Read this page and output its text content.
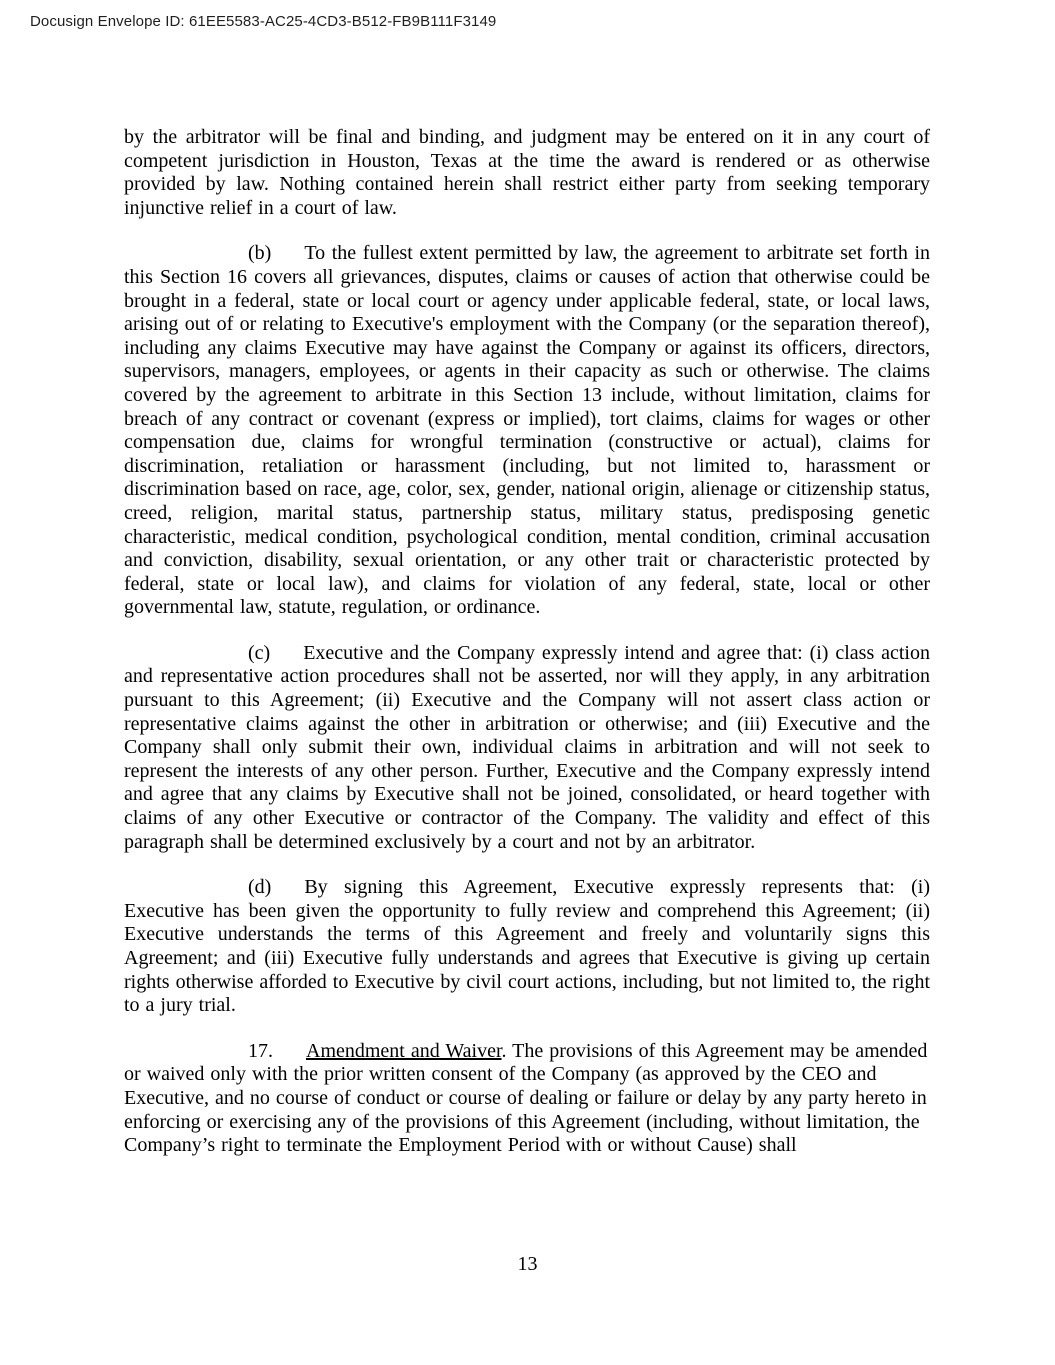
Docusign Envelope ID: 61EE5583-AC25-4CD3-B512-FB9B111F3149

by the arbitrator will be final and binding, and judgment may be entered on it in any court of competent jurisdiction in Houston, Texas at the time the award is rendered or as otherwise provided by law. Nothing contained herein shall restrict either party from seeking temporary injunctive relief in a court of law.

(b) To the fullest extent permitted by law, the agreement to arbitrate set forth in this Section 16 covers all grievances, disputes, claims or causes of action that otherwise could be brought in a federal, state or local court or agency under applicable federal, state, or local laws, arising out of or relating to Executive's employment with the Company (or the separation thereof), including any claims Executive may have against the Company or against its officers, directors, supervisors, managers, employees, or agents in their capacity as such or otherwise. The claims covered by the agreement to arbitrate in this Section 13 include, without limitation, claims for breach of any contract or covenant (express or implied), tort claims, claims for wages or other compensation due, claims for wrongful termination (constructive or actual), claims for discrimination, retaliation or harassment (including, but not limited to, harassment or discrimination based on race, age, color, sex, gender, national origin, alienage or citizenship status, creed, religion, marital status, partnership status, military status, predisposing genetic characteristic, medical condition, psychological condition, mental condition, criminal accusation and conviction, disability, sexual orientation, or any other trait or characteristic protected by federal, state or local law), and claims for violation of any federal, state, local or other governmental law, statute, regulation, or ordinance.

(c) Executive and the Company expressly intend and agree that: (i) class action and representative action procedures shall not be asserted, nor will they apply, in any arbitration pursuant to this Agreement; (ii) Executive and the Company will not assert class action or representative claims against the other in arbitration or otherwise; and (iii) Executive and the Company shall only submit their own, individual claims in arbitration and will not seek to represent the interests of any other person. Further, Executive and the Company expressly intend and agree that any claims by Executive shall not be joined, consolidated, or heard together with claims of any other Executive or contractor of the Company. The validity and effect of this paragraph shall be determined exclusively by a court and not by an arbitrator.

(d) By signing this Agreement, Executive expressly represents that: (i) Executive has been given the opportunity to fully review and comprehend this Agreement; (ii) Executive understands the terms of this Agreement and freely and voluntarily signs this Agreement; and (iii) Executive fully understands and agrees that Executive is giving up certain rights otherwise afforded to Executive by civil court actions, including, but not limited to, the right to a jury trial.

17. Amendment and Waiver. The provisions of this Agreement may be amended or waived only with the prior written consent of the Company (as approved by the CEO and Executive, and no course of conduct or course of dealing or failure or delay by any party hereto in enforcing or exercising any of the provisions of this Agreement (including, without limitation, the Company’s right to terminate the Employment Period with or without Cause) shall

13
